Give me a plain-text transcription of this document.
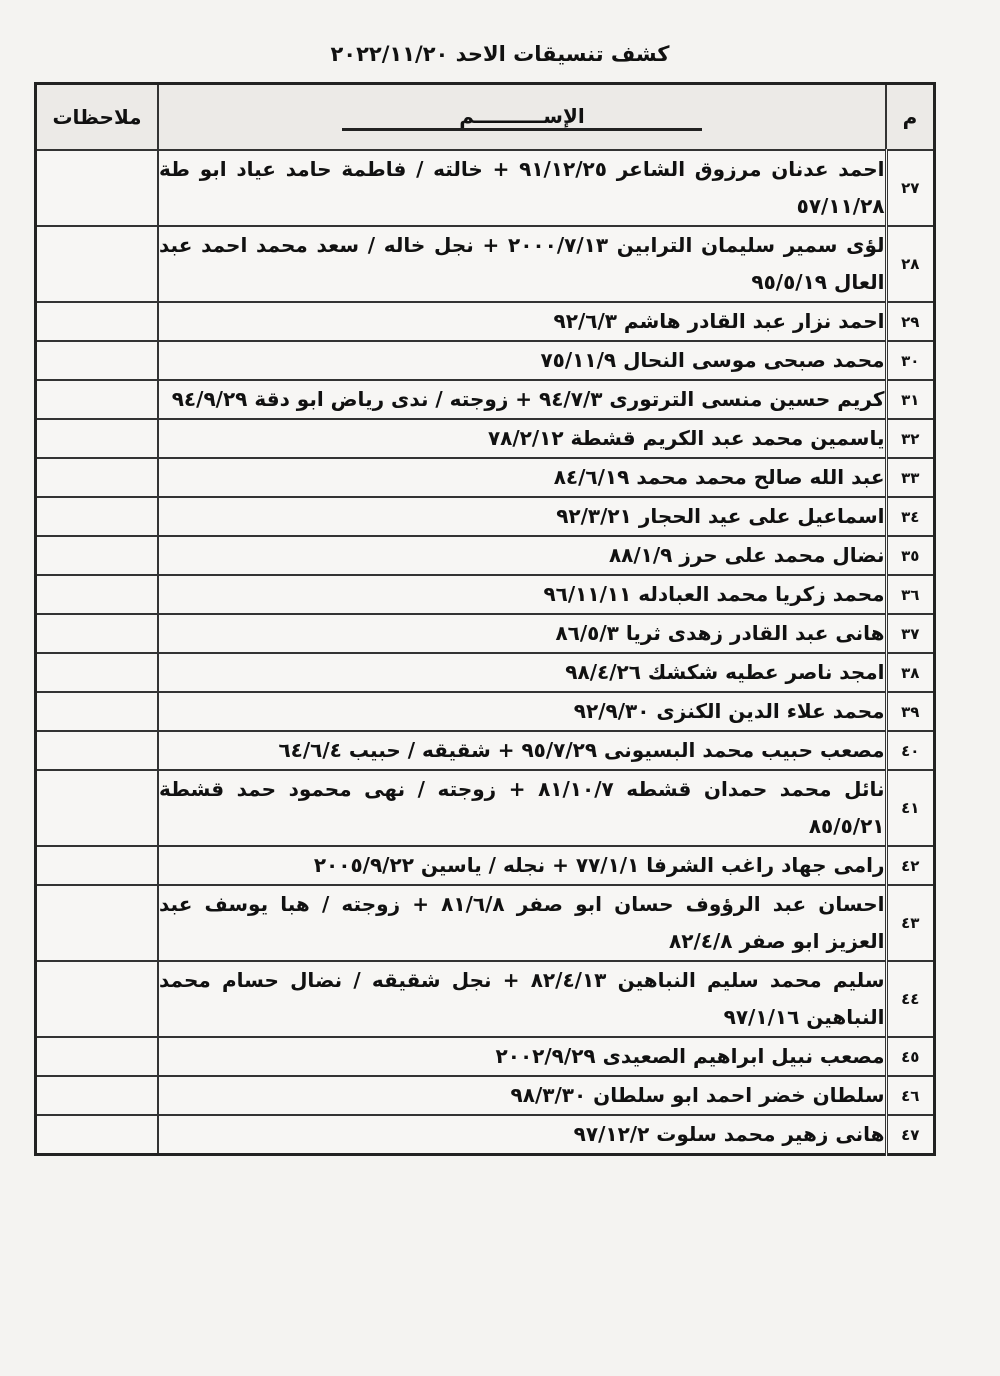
كشف تنسيقات الاحد ٢٠٢٢/١١/٢٠
م	الإســــــــــم	ملاحظات
٢٧	احمد عدنان مرزوق الشاعر ٩١/١٢/٢٥ + خالته / فاطمة حامد عياد ابو طة ٥٧/١١/٢٨	
٢٨	لؤى سمير سليمان الترابين ٢٠٠٠/٧/١٣ + نجل خاله / سعد محمد احمد عبد العال ٩٥/٥/١٩	
٢٩	احمد نزار عبد القادر هاشم ٩٢/٦/٣	
٣٠	محمد صبحى موسى النحال ٧٥/١١/٩	
٣١	كريم حسين منسى الترتورى ٩٤/٧/٣ + زوجته / ندى رياض ابو دقة ٩٤/٩/٢٩	
٣٢	ياسمين محمد عبد الكريم قشطة ٧٨/٢/١٢	
٣٣	عبد الله صالح محمد محمد ٨٤/٦/١٩	
٣٤	اسماعيل على عيد الحجار ٩٢/٣/٢١	
٣٥	نضال محمد على حرز ٨٨/١/٩	
٣٦	محمد زكريا محمد العبادله ٩٦/١١/١١	
٣٧	هانى عبد القادر زهدى ثريا ٨٦/٥/٣	
٣٨	امجد ناصر عطيه شكشك ٩٨/٤/٢٦	
٣٩	محمد علاء الدين الكنزى ٩٢/٩/٣٠	
٤٠	مصعب حبيب محمد البسيونى ٩٥/٧/٢٩ + شقيقه / حبيب ٦٤/٦/٤	
٤١	نائل محمد حمدان قشطه ٨١/١٠/٧ + زوجته / نهى محمود حمد قشطة ٨٥/٥/٢١	
٤٢	رامى جهاد راغب الشرفا ٧٧/١/١ + نجله / ياسين ٢٠٠٥/٩/٢٢	
٤٣	احسان عبد الرؤوف حسان ابو صفر ٨١/٦/٨ + زوجته / هبا يوسف عبد العزيز ابو صفر ٨٢/٤/٨	
٤٤	سليم محمد سليم النباهين ٨٢/٤/١٣ + نجل شقيقه / نضال حسام محمد النباهين ٩٧/١/١٦	
٤٥	مصعب نبيل ابراهيم الصعيدى ٢٠٠٢/٩/٢٩	
٤٦	سلطان خضر احمد ابو سلطان ٩٨/٣/٣٠	
٤٧	هانى زهير محمد سلوت ٩٧/١٢/٢	
